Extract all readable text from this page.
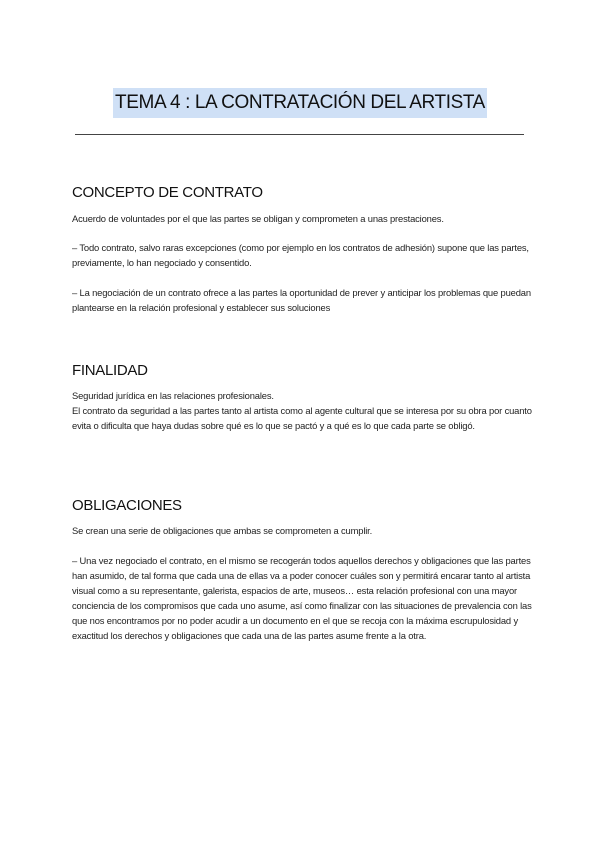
TEMA 4 : LA CONTRATACIÓN DEL ARTISTA
CONCEPTO DE CONTRATO

Acuerdo de voluntades por el que las partes se obligan y comprometen a unas prestaciones.

– Todo contrato, salvo raras excepciones (como por ejemplo en los contratos de adhesión) supone que las partes, previamente, lo han negociado y consentido.

– La negociación de un contrato ofrece a las partes la oportunidad de prever y anticipar los problemas que puedan plantearse en la relación profesional y establecer sus soluciones

FINALIDAD

Seguridad jurídica en las relaciones profesionales.

El contrato da seguridad a las partes tanto al artista como al agente cultural que se interesa por su obra por cuanto evita o dificulta que haya dudas sobre qué es lo que se pactó y a qué es lo que cada parte se obligó.

OBLIGACIONES

Se crean una serie de obligaciones que ambas se comprometen a cumplir.

– Una vez negociado el contrato, en el mismo se recogerán todos aquellos derechos y obligaciones que las partes han asumido, de tal forma que cada una de ellas va a poder conocer cuáles son y permitirá encarar tanto al artista visual como a su representante, galerista, espacios de arte, museos… esta relación profesional con una mayor conciencia de los compromisos que cada uno asume, así como finalizar con las situaciones de prevalencia con las que nos encontramos por no poder acudir a un documento en el que se recoja con la máxima escrupulosidad y exactitud los derechos y obligaciones que cada una de las partes asume frente a la otra.
